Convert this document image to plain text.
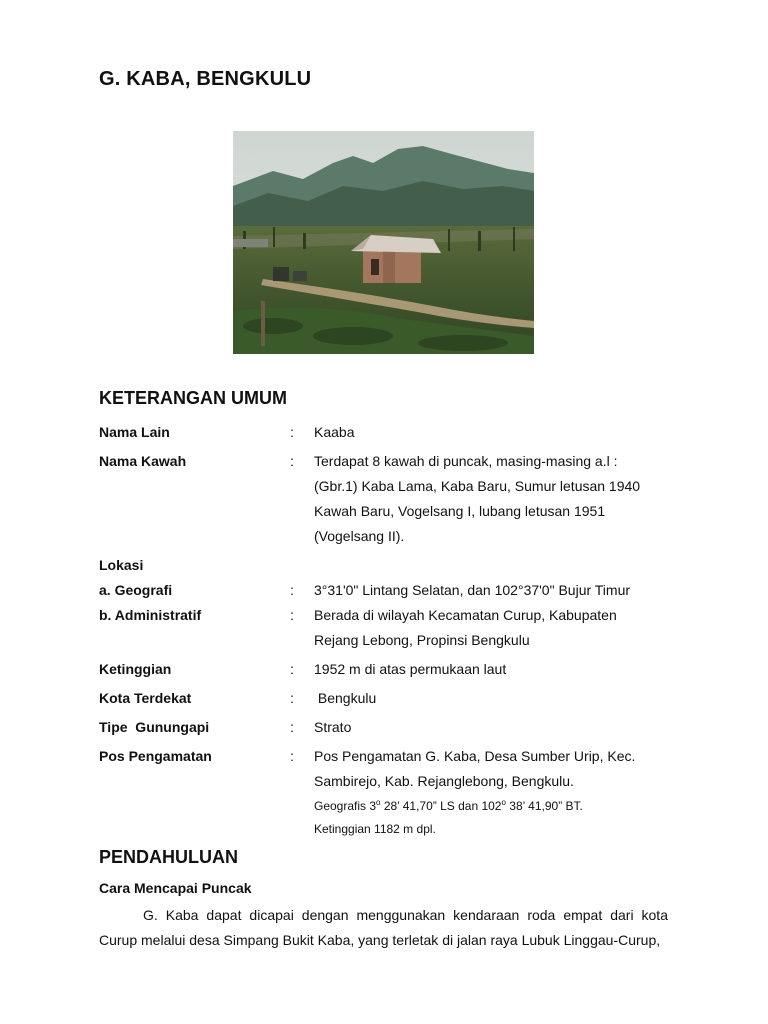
G. KABA, BENGKULU
KETERANGAN UMUM
Nama Lain	: Kaaba
Nama Kawah	: Terdapat 8 kawah di puncak, masing-masing a.l :
(Gbr.1) Kaba Lama, Kaba Baru, Sumur letusan 1940
Kawah Baru, Vogelsang I, lubang letusan 1951
(Vogelsang II).
Lokasi
a. Geografi	: 3°31'0" Lintang Selatan, dan 102°37'0" Bujur Timur
b. Administratif	: Berada di wilayah Kecamatan Curup, Kabupaten
Rejang Lebong, Propinsi Bengkulu
Ketinggian	: 1952 m di atas permukaan laut
Kota Terdekat	: Bengkulu
Tipe  Gunungapi	: Strato
Pos Pengamatan	: Pos Pengamatan G. Kaba, Desa Sumber Urip, Kec.
Sambirejo, Kab. Rejanglebong, Bengkulu.
Geografis 3$^o$ 28’ 41,70” LS dan 102$^o$ 38’ 41,90” BT.
Ketinggian 1182 m dpl.
PENDAHULUAN
Cara Mencapai Puncak

G. Kaba dapat dicapai dengan menggunakan kendaraan roda empat dari kota Curup melalui desa Simpang Bukit Kaba, yang terletak di jalan raya Lubuk Linggau-Curup,
